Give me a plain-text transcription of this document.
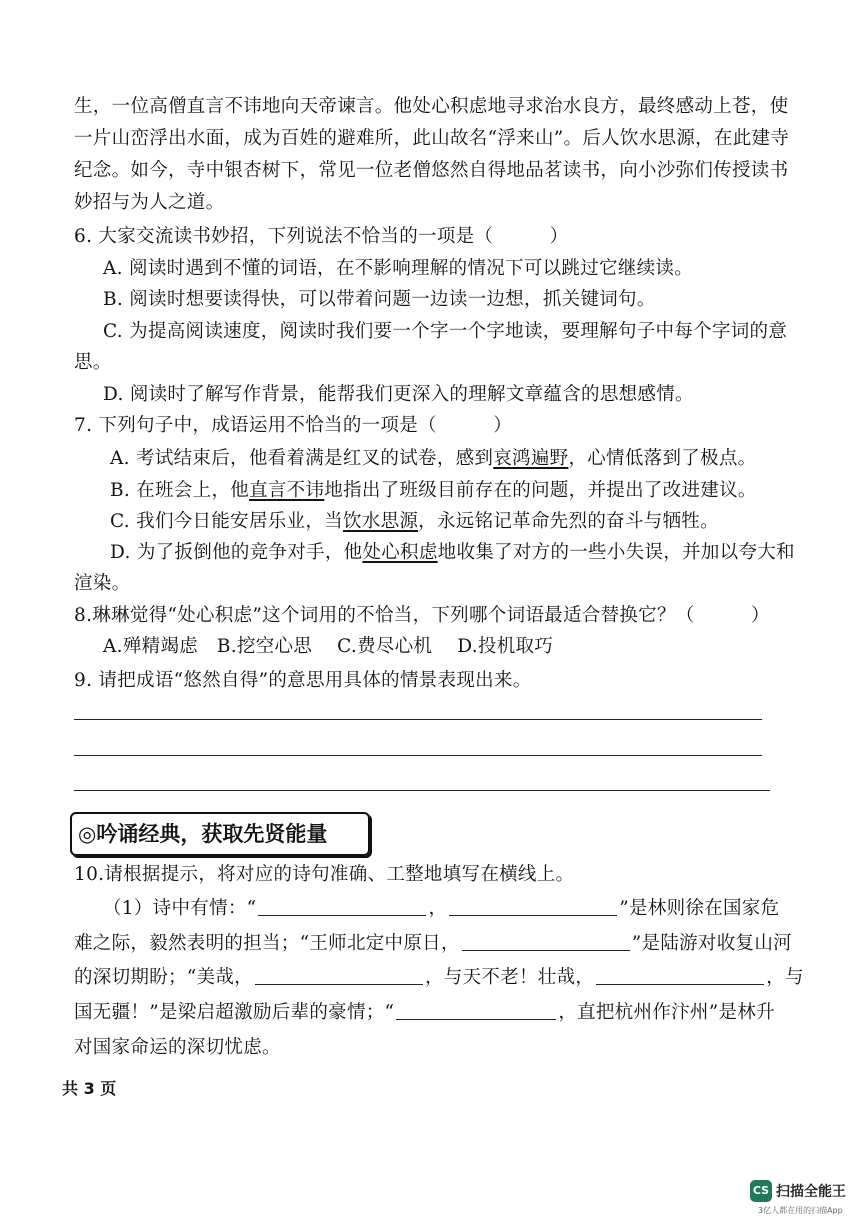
生，一位高僧直言不讳地向天帝谏言。他处心积虑地寻求治水良方，最终感动上苍，使
一片山峦浮出水面，成为百姓的避难所，此山故名“浮来山”。后人饮水思源，在此建寺
纪念。如今，寺中银杏树下，常见一位老僧悠然自得地品茗读书，向小沙弥们传授读书
妙招与为人之道。
6. 大家交流读书妙招，下列说法不恰当的一项是（　　　）
A. 阅读时遇到不懂的词语，在不影响理解的情况下可以跳过它继续读。
B. 阅读时想要读得快，可以带着问题一边读一边想，抓关键词句。
C. 为提高阅读速度，阅读时我们要一个字一个字地读，要理解句子中每个字词的意
思。
D. 阅读时了解写作背景，能帮我们更深入的理解文章蕴含的思想感情。
7. 下列句子中，成语运用不恰当的一项是（　　　）
A. 考试结束后，他看着满是红叉的试卷，感到哀鸿遍野，心情低落到了极点。
B. 在班会上，他直言不讳地指出了班级目前存在的问题，并提出了改进建议。
C. 我们今日能安居乐业，当饮水思源，永远铭记革命先烈的奋斗与牺牲。
D. 为了扳倒他的竞争对手，他处心积虑地收集了对方的一些小失误，并加以夸大和
渲染。
8.琳琳觉得“处心积虑”这个词用的不恰当，下列哪个词语最适合替换它？（　　　）
A.殚精竭虑　B.挖空心思　 C.费尽心机　 D.投机取巧
9. 请把成语“悠然自得”的意思用具体的情景表现出来。
◎吟诵经典，获取先贤能量
10.请根据提示，将对应的诗句准确、工整地填写在横线上。
（1）诗中有情：“	，	”是林则徐在国家危
难之际，毅然表明的担当；“王师北定中原日，	”是陆游对收复山河
的深切期盼；“美哉，	，与天不老！壮哉，	，与
国无疆！”是梁启超激励后辈的豪情；“	，直把杭州作汴州”是林升
对国家命运的深切忧虑。
共 3 页
CS 扫描全能王
3亿人都在用的扫描App
